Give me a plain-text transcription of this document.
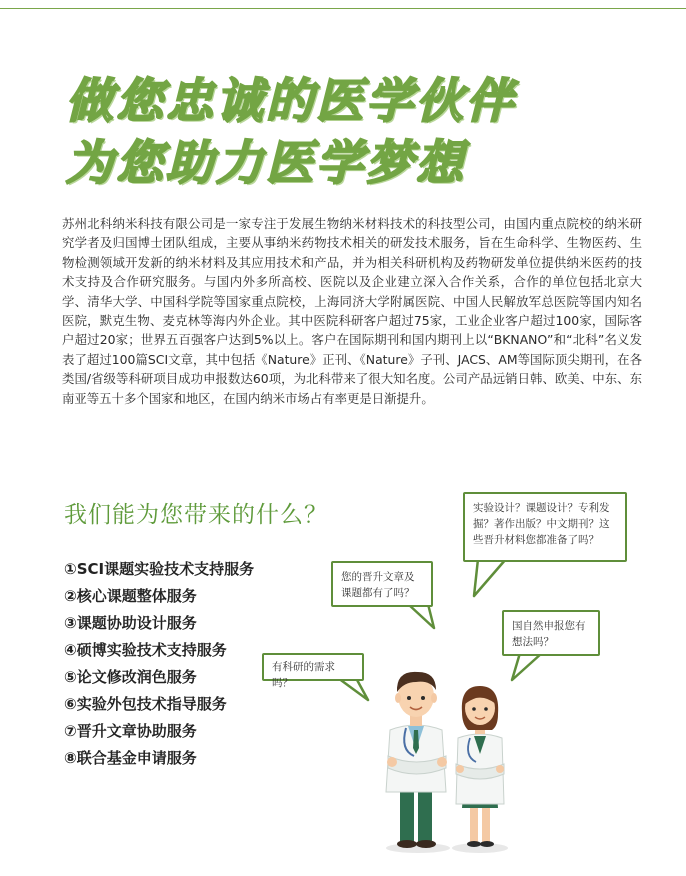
做您忠诚的医学伙伴
为您助力医学梦想

苏州北科纳米科技有限公司是一家专注于发展生物纳米材料技术的科技型公司，由国内重点院校的纳米研究学者及归国博士团队组成，主要从事纳米药物技术相关的研发技术服务，旨在生命科学、生物医药、生物检测领域开发新的纳米材料及其应用技术和产品，并为相关科研机构及药物研发单位提供纳米医药的技术支持及合作研究服务。与国内外多所高校、医院以及企业建立深入合作关系，合作的单位包括北京大学、清华大学、中国科学院等国家重点院校，上海同济大学附属医院、中国人民解放军总医院等国内知名医院，默克生物、麦克林等海内外企业。其中医院科研客户超过75家，工业企业客户超过100家，国际客户超过20家；世界五百强客户达到5%以上。客户在国际期刊和国内期刊上以“BKNANO”和“北科”名义发表了超过100篇SCI文章，其中包括《Nature》正刊、《Nature》子刊、JACS、AM等国际顶尖期刊，在各类国/省级等科研项目成功申报数达60项，为北科带来了很大知名度。公司产品远销日韩、欧美、中东、东南亚等五十多个国家和地区，在国内纳米市场占有率更是日渐提升。

我们能为您带来的什么？
①SCI课题实验技术支持服务
②核心课题整体服务
③课题协助设计服务
④硕博实验技术支持服务
⑤论文修改润色服务
⑥实验外包技术指导服务
⑦晋升文章协助服务
⑧联合基金申请服务
实验设计？课题设计？专利发掘？著作出版？中文期刊？这些晋升材料您都准备了吗？
您的晋升文章及课题都有了吗？
国自然申报您有想法吗？
有科研的需求吗？
